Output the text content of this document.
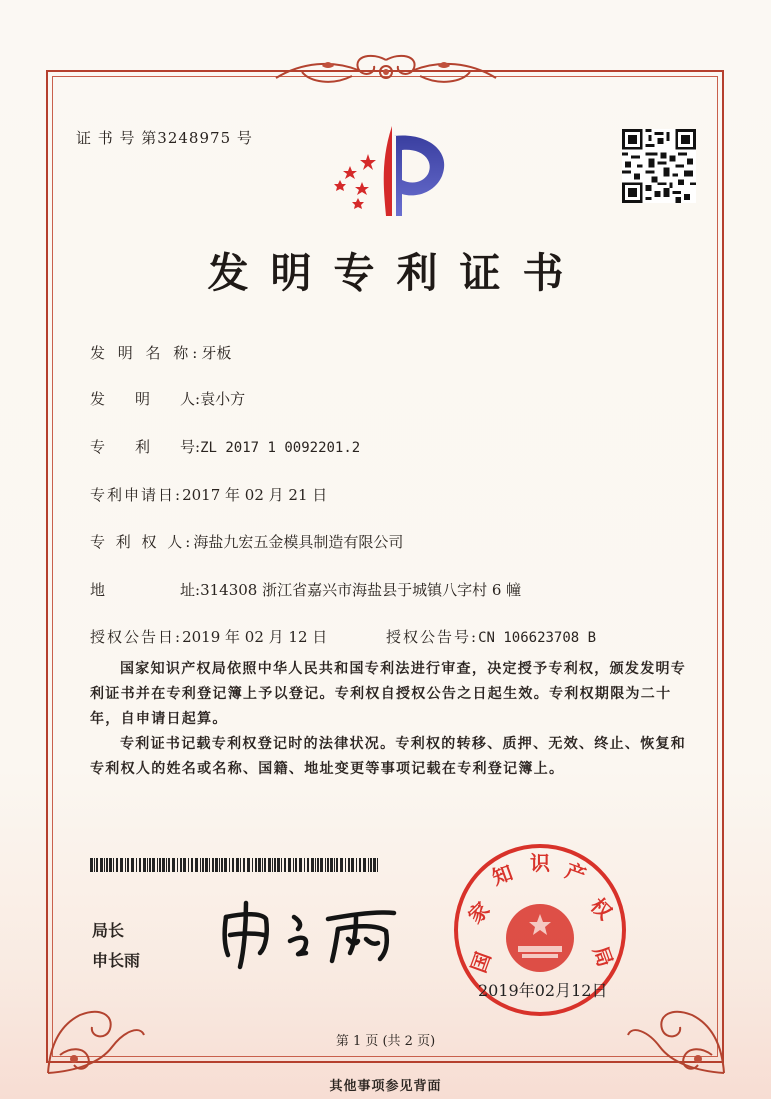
证 书 号 第3248975 号
发明专利证书
发 明 名 称:牙板
发　　明　　人:袁小方
专　　利　　号:ZL 2017 1 0092201.2
专利申请日:2017 年 02 月 21 日
专 利 权 人:海盐九宏五金模具制造有限公司
地　　　　　址:314308 浙江省嘉兴市海盐县于城镇八字村 6 幢
授权公告日:2019 年 02 月 12 日	授权公告号:CN 106623708 B
国家知识产权局依照中华人民共和国专利法进行审查，决定授予专利权，颁发发明专利证书并在专利登记簿上予以登记。专利权自授权公告之日起生效。专利权期限为二十年，自申请日起算。
专利证书记载专利权登记时的法律状况。专利权的转移、质押、无效、终止、恢复和专利权人的姓名或名称、国籍、地址变更等事项记载在专利登记簿上。
局长
申长雨	国
家
知 识 产
权
局
2019年02月12日
第 1 页 (共 2 页)
其他事项参见背面
